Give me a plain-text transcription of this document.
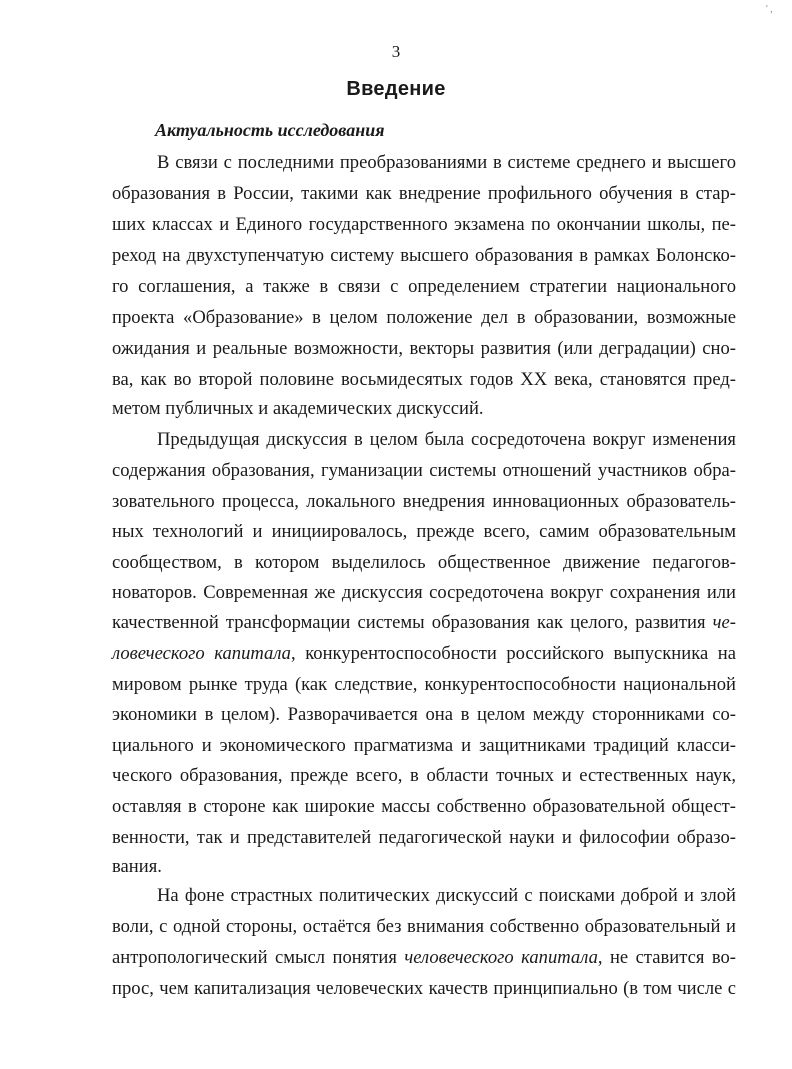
' ,
3
Введение
Актуальность исследования
В связи с последними преобразованиями в системе среднего и высшего
образования в России, такими как внедрение профильного обучения в стар-
ших классах и Единого государственного экзамена по окончании школы, пе-
реход на двухступенчатую систему высшего образования в рамках Болонско-
го соглашения, а также в связи с определением стратегии национального
проекта «Образование» в целом положение дел в образовании, возможные
ожидания и реальные возможности, векторы развития (или деградации) сно-
ва, как во второй половине восьмидесятых годов XX века, становятся пред-
метом публичных и академических дискуссий.
Предыдущая дискуссия в целом была сосредоточена вокруг изменения
содержания образования, гуманизации системы отношений участников обра-
зовательного процесса, локального внедрения инновационных образователь-
ных технологий и инициировалось, прежде всего, самим образовательным
сообществом, в котором выделилось общественное движение педагогов-
новаторов. Современная же дискуссия сосредоточена вокруг сохранения или
качественной трансформации системы образования как целого, развития че-
ловеческого капитала, конкурентоспособности российского выпускника на
мировом рынке труда (как следствие, конкурентоспособности национальной
экономики в целом). Разворачивается она в целом между сторонниками со-
циального и экономического прагматизма и защитниками традиций класси-
ческого образования, прежде всего, в области точных и естественных наук,
оставляя в стороне как широкие массы собственно образовательной общест-
венности, так и представителей педагогической науки и философии образо-
вания.
На фоне страстных политических дискуссий с поисками доброй и злой
воли, с одной стороны, остаётся без внимания собственно образовательный и
антропологический смысл понятия человеческого капитала, не ставится во-
прос, чем капитализация человеческих качеств принципиально (в том числе с
